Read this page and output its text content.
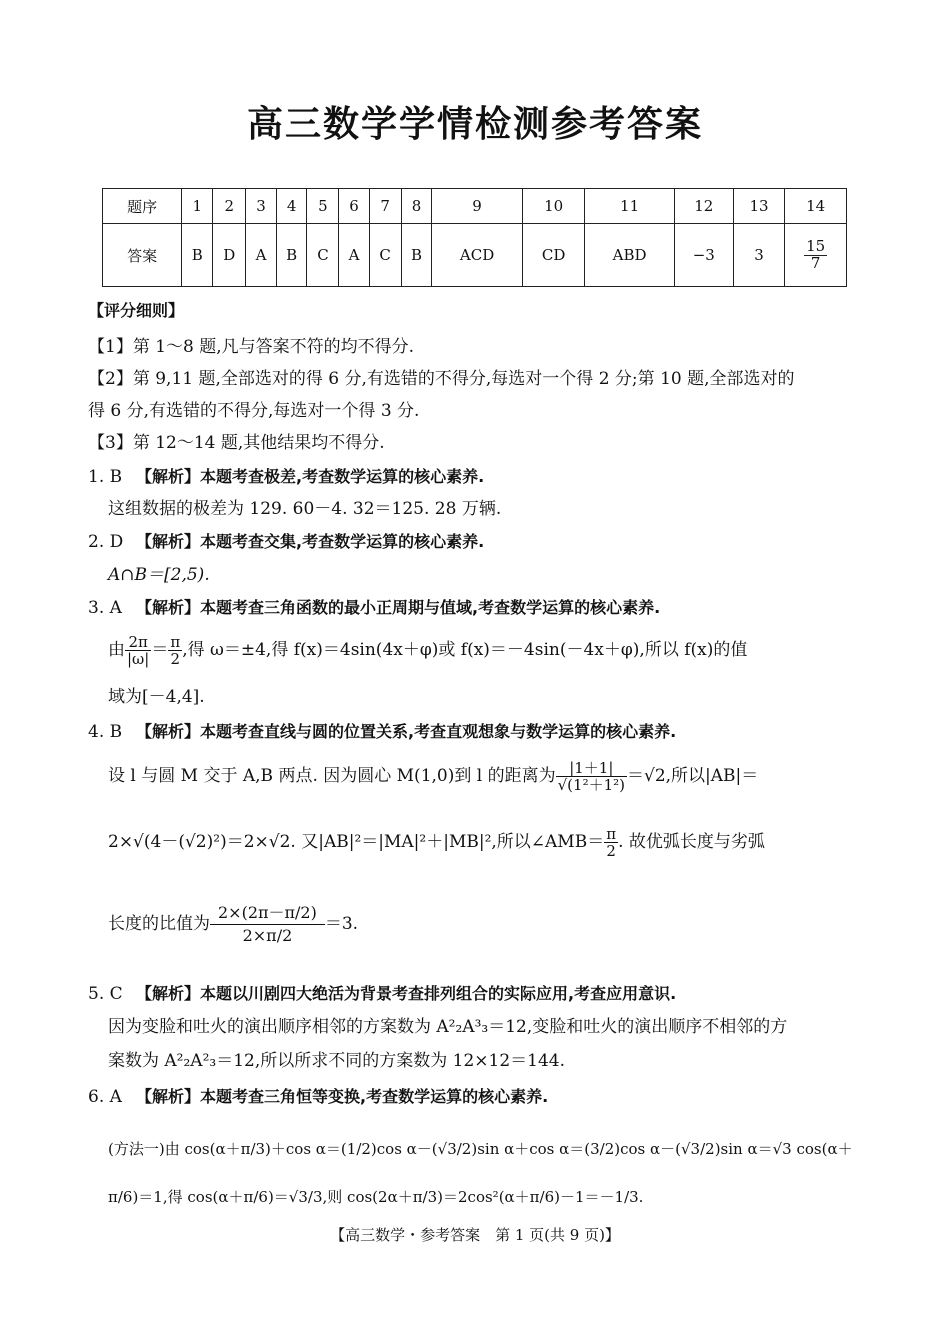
高三数学学情检测参考答案
题序	1	2	3	4	5	6	7	8	9	10	11	12	13	14
答案	B	D	A	B	C	A	C	B	ACD	CD	ABD	−3	3	$\frac{15}{7}$
【评分细则】
【1】第 1～8 题,凡与答案不符的均不得分.
【2】第 9,11 题,全部选对的得 6 分,有选错的不得分,每选对一个得 2 分;第 10 题,全部选对的
得 6 分,有选错的不得分,每选对一个得 3 分.
【3】第 12～14 题,其他结果均不得分.
1. B 【解析】本题考查极差,考查数学运算的核心素养.
这组数据的极差为 129. 60－4. 32＝125. 28 万辆.
2. D 【解析】本题考查交集,考查数学运算的核心素养.
A∩B＝[2,5).
3. A 【解析】本题考查三角函数的最小正周期与值域,考查数学运算的核心素养.
由 $\frac{2\pi}{|\omega|} = \frac{\pi}{2}$ ,得 ω＝±4,得 f(x)＝4sin(4x＋φ)或 f(x)＝－4sin(－4x＋φ),所以 f(x)的值
域为[－4,4].
4. B 【解析】本题考查直线与圆的位置关系,考查直观想象与数学运算的核心素养.
设 l 与圆 M 交于 A,B 两点. 因为圆心 M(1,0)到 l 的距离为 $\frac{|1+1|}{\text{√(1²＋1²)}} =√2$,所以|AB|＝
2×√(4－(√2)²)＝2×√2. 又|AB|²＝|MA|²＋|MB|²,所以∠AMB＝ $\frac{\pi}{2}$ . 故优弧长度与劣弧
长度的比值为 $\frac{2\times(2\pi-\pi/2)}{2\times\pi/2} =3$.
5. C 【解析】本题以川剧四大绝活为背景考查排列组合的实际应用,考查应用意识.
因为变脸和吐火的演出顺序相邻的方案数为 A²₂A³₃＝12,变脸和吐火的演出顺序不相邻的方
案数为 A²₂A²₃＝12,所以所求不同的方案数为 12×12＝144.
6. A 【解析】本题考查三角恒等变换,考查数学运算的核心素养.
(方法一)由 cos(α＋π/3)＋cos α＝(1/2)cos α－(√3/2)sin α＋cos α＝(3/2)cos α－(√3/2)sin α＝√3 cos(α＋
π/6)＝1,得 cos(α＋π/6)＝√3/3,则 cos(2α＋π/3)＝2cos²(α＋π/6)－1＝－1/3.
【高三数学・参考答案　第 1 页(共 9 页)】
